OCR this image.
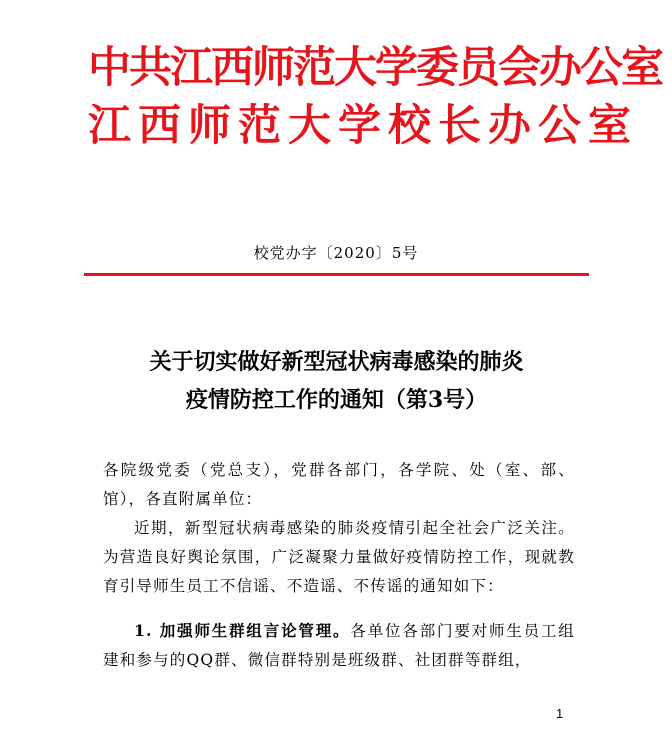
中共江西师范大学委员会办公室
江西师范大学校长办公室
校党办字〔2020〕5号
关于切实做好新型冠状病毒感染的肺炎
疫情防控工作的通知（第3号）
各院级党委（党总支），党群各部门，各学院、处（室、部、馆），各直附属单位：
近期，新型冠状病毒感染的肺炎疫情引起全社会广泛关注。为营造良好舆论氛围，广泛凝聚力量做好疫情防控工作，现就教育引导师生员工不信谣、不造谣、不传谣的通知如下：
1. 加强师生群组言论管理。各单位各部门要对师生员工组建和参与的QQ群、微信群特别是班级群、社团群等群组，
1
